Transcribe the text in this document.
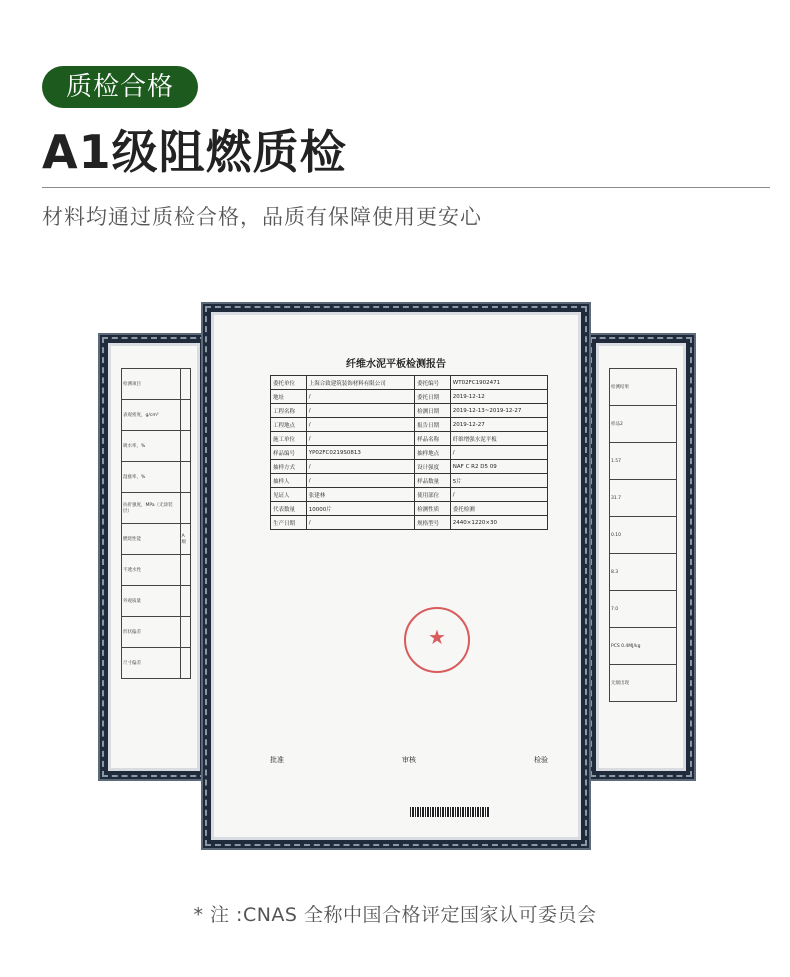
质检合格
A1级阻燃质检
材料均通过质检合格，品质有保障使用更安心
检测项目	
表观密度，g/cm³	
吸水率，%	
湿涨率，%	
抗折强度，MPa（无涂装层）	
燃烧性能	A级
不透水性	
外观质量	
形状偏差	
尺寸偏差	
检测结果
样品2
1.57
31.7
0.10
8.3
7.0
PCS 0.4MJ/kg
无烟出现
纤维水泥平板检测报告
委托单位	上海合致建筑装饰材料有限公司	委托编号	WT02FC1902471
地址	/	委托日期	2019-12-12
工程名称	/	检测日期	2019-12-13~2019-12-27
工程地点	/	报告日期	2019-12-27
施工单位	/	样品名称	纤维增强水泥平板
样品编号	YP02FC0219S0813	抽样地点	/
抽样方式	/	设计强度	NAF C R2 D5 09
抽样人	/	样品数量	5片
见证人	张建林	使用部位	/
代表数量	10000片	检测性质	委托检测
生产日期	/	规格型号	2440×1220×30
★
批准	审核	检验
* 注 :CNAS 全称中国合格评定国家认可委员会
